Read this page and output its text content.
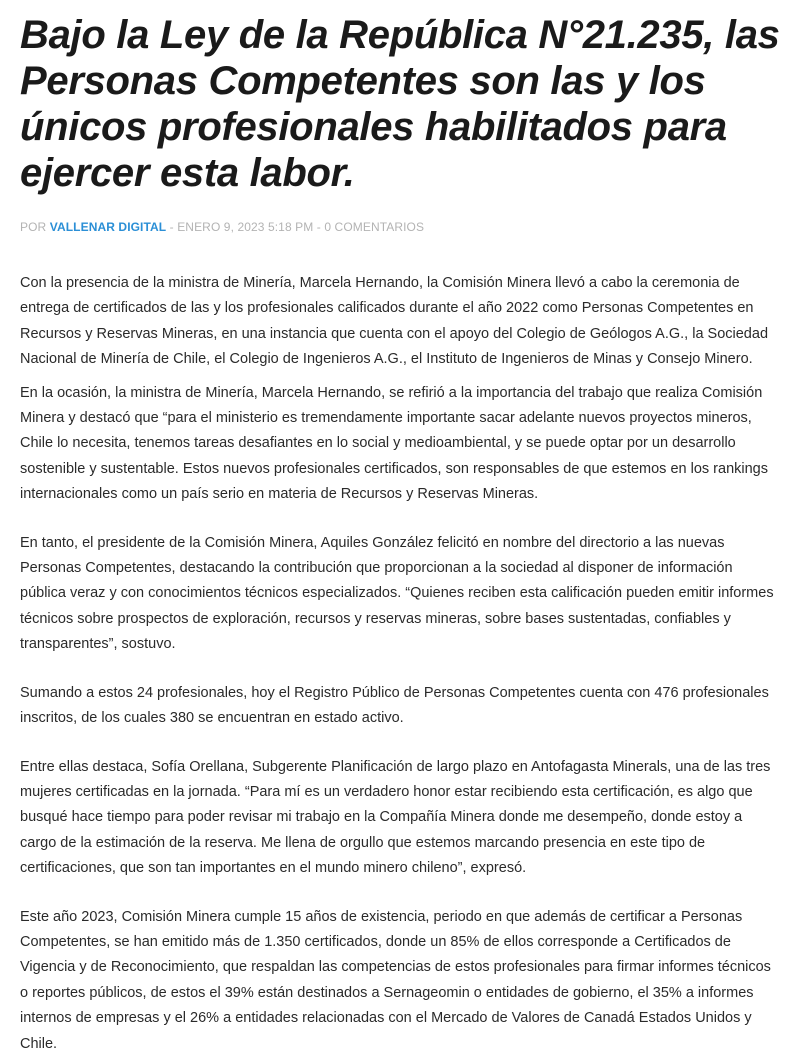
Bajo la Ley de la República N°21.235, las Personas Competentes son las y los únicos profesionales habilitados para ejercer esta labor.
POR VALLENAR DIGITAL - ENERO 9, 2023 5:18 PM - 0 COMENTARIOS

Con la presencia de la ministra de Minería, Marcela Hernando, la Comisión Minera llevó a cabo la ceremonia de entrega de certificados de las y los profesionales calificados durante el año 2022 como Personas Competentes en Recursos y Reservas Mineras, en una instancia que cuenta con el apoyo del Colegio de Geólogos A.G., la Sociedad Nacional de Minería de Chile, el Colegio de Ingenieros A.G., el Instituto de Ingenieros de Minas y Consejo Minero.

En la ocasión, la ministra de Minería, Marcela Hernando, se refirió a la importancia del trabajo que realiza Comisión Minera y destacó que “para el ministerio es tremendamente importante sacar adelante nuevos proyectos mineros, Chile lo necesita, tenemos tareas desafiantes en lo social y medioambiental, y se puede optar por un desarrollo sostenible y sustentable. Estos nuevos profesionales certificados, son responsables de que estemos en los rankings internacionales como un país serio en materia de Recursos y Reservas Mineras.

En tanto, el presidente de la Comisión Minera, Aquiles González felicitó en nombre del directorio a las nuevas Personas Competentes, destacando la contribución que proporcionan a la sociedad al disponer de información pública veraz y con conocimientos técnicos especializados. “Quienes reciben esta calificación pueden emitir informes técnicos sobre prospectos de exploración, recursos y reservas mineras, sobre bases sustentadas, confiables y transparentes”, sostuvo.

Sumando a estos 24 profesionales, hoy el Registro Público de Personas Competentes cuenta con 476 profesionales inscritos, de los cuales 380 se encuentran en estado activo.

Entre ellas destaca, Sofía Orellana, Subgerente Planificación de largo plazo en Antofagasta Minerals, una de las tres mujeres certificadas en la jornada. “Para mí es un verdadero honor estar recibiendo esta certificación, es algo que busqué hace tiempo para poder revisar mi trabajo en la Compañía Minera donde me desempeño, donde estoy a cargo de la estimación de la reserva. Me llena de orgullo que estemos marcando presencia en este tipo de certificaciones, que son tan importantes en el mundo minero chileno”, expresó.

Este año 2023, Comisión Minera cumple 15 años de existencia, periodo en que además de certificar a Personas Competentes, se han emitido más de 1.350 certificados, donde un 85% de ellos corresponde a Certificados de Vigencia y de Reconocimiento, que respaldan las competencias de estos profesionales para firmar informes técnicos o reportes públicos, de estos el 39% están destinados a Sernageomin o entidades de gobierno, el 35% a informes internos de empresas y el 26% a entidades relacionadas con el Mercado de Valores de Canadá Estados Unidos y Chile.
